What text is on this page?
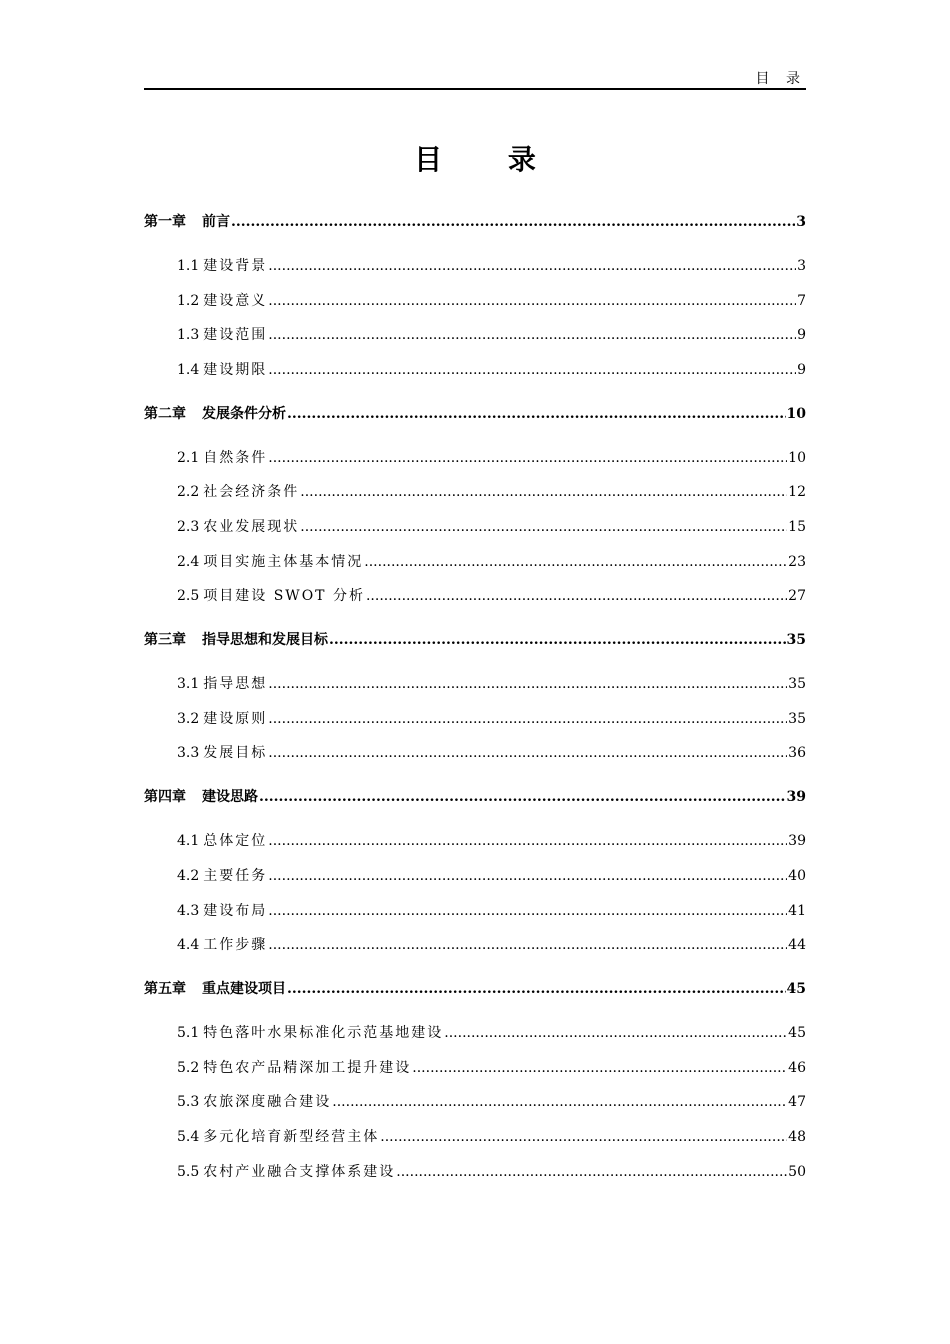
目 录
目 录
第一章 前言 .....	3
1.1 建设背景 .....	3
1.2 建设意义 .....	7
1.3 建设范围 .....	9
1.4 建设期限 .....	9
第二章 发展条件分析 .....	10
2.1 自然条件 .....	10
2.2 社会经济条件 .....	12
2.3 农业发展现状 .....	15
2.4 项目实施主体基本情况 .....	23
2.5 项目建设 SWOT 分析 .....	27
第三章 指导思想和发展目标 .....	35
3.1 指导思想 .....	35
3.2 建设原则 .....	35
3.3 发展目标 .....	36
第四章 建设思路 .....	39
4.1 总体定位 .....	39
4.2 主要任务 .....	40
4.3 建设布局 .....	41
4.4 工作步骤 .....	44
第五章 重点建设项目 .....	45
5.1 特色落叶水果标准化示范基地建设 .....	45
5.2 特色农产品精深加工提升建设 .....	46
5.3 农旅深度融合建设 .....	47
5.4 多元化培育新型经营主体 .....	48
5.5 农村产业融合支撑体系建设 .....	50
